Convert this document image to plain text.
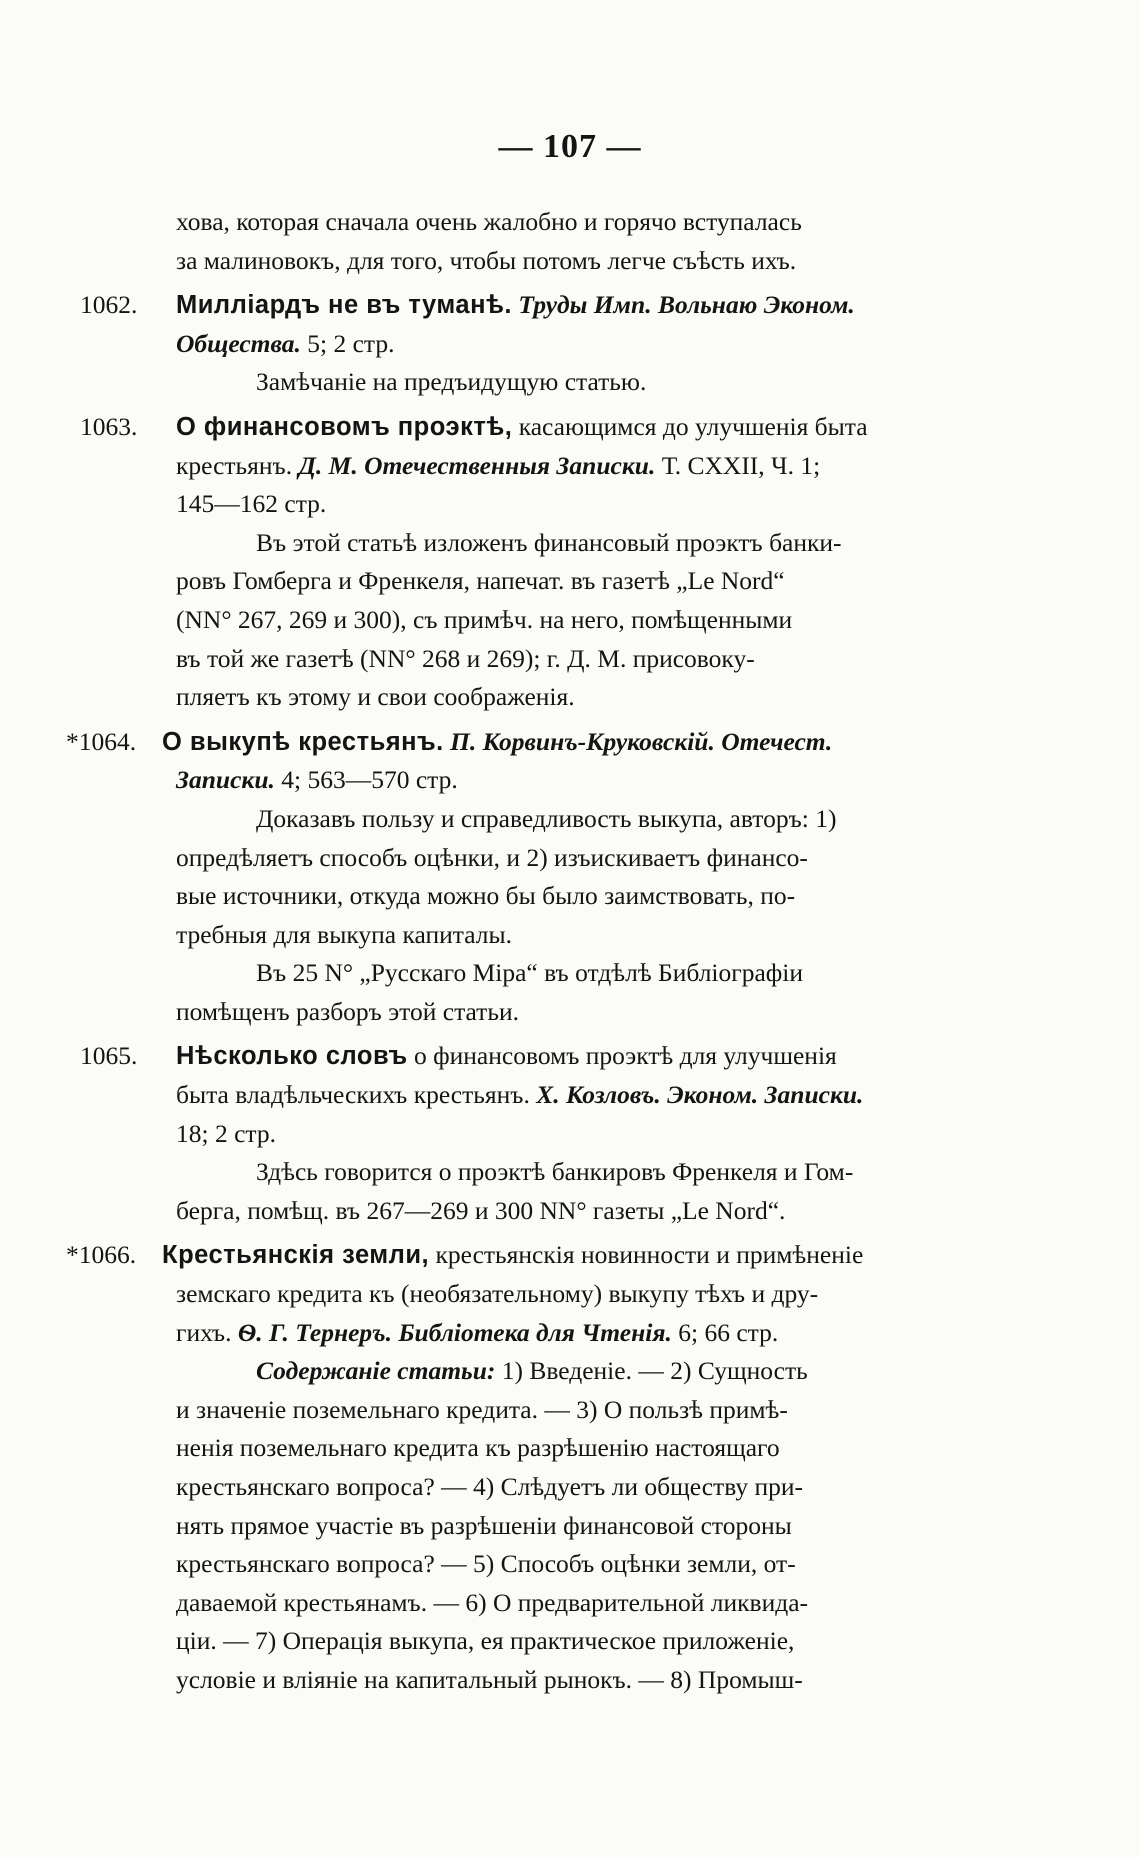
— 107 —
хова, которая сначала очень жалобно и горячо вступалась
за малиновокъ, для того, чтобы потомъ легче съѣсть ихъ.
1062. Миллiардъ не въ туманѣ. Труды Имп. Вольнаю Эконом.
Общества. 5; 2 стр.
Замѣчанiе на предъидущую статью.
1063. О финансовомъ проэктѣ, касающимся до улучшенiя быта
крестьянъ. Д. М. Отечественныя Записки. Т. CXXII, Ч. 1;
145—162 стр.
Въ этой статьѣ изложенъ финансовый проэктъ банки-
ровъ Гомберга и Френкеля, напечат. въ газетѣ „Le Nord“
(NN° 267, 269 и 300), съ примѣч. на него, помѣщенными
въ той же газетѣ (NN° 268 и 269); г. Д. М. присовоку-
пляетъ къ этому и свои соображенiя.
*1064. О выкупѣ крестьянъ. П. Корвинъ-Круковскiй. Отечест.
Записки. 4; 563—570 стр.
Доказавъ пользу и справедливость выкупа, авторъ: 1)
опредѣляетъ способъ оцѣнки, и 2) изъискиваетъ финансо-
вые источники, откуда можно бы было заимствовать, по-
требныя для выкупа капиталы.
Въ 25 N° „Русскаго Мiра“ въ отдѣлѣ Библiографiи
помѣщенъ разборъ этой статьи.
1065. Нѣсколько словъ о финансовомъ проэктѣ для улучшенiя
быта владѣльческихъ крестьянъ. Х. Козловъ. Эконом. Записки.
18; 2 стр.
Здѣсь говорится о проэктѣ банкировъ Френкеля и Гом-
берга, помѣщ. въ 267—269 и 300 NN° газеты „Le Nord“.
*1066. Крестьянскiя земли, крестьянскiя новинности и примѣненiе
земскаго кредита къ (необязательному) выкупу тѣхъ и дру-
гихъ. Ѳ. Г. Тернеръ. Библiотека для Чтенiя. 6; 66 стр.
Содержанiе статьи: 1) Введенiе. — 2) Сущность
и значенiе поземельнаго кредита. — 3) О пользѣ примѣ-
ненiя поземельнаго кредита къ разрѣшенiю настоящаго
крестьянскаго вопроса? — 4) Слѣдуетъ ли обществу при-
нять прямое участiе въ разрѣшенiи финансовой стороны
крестьянскаго вопроса? — 5) Способъ оцѣнки земли, от-
даваемой крестьянамъ. — 6) О предварительной ликвида-
цiи. — 7) Операцiя выкупа, ея практическое приложенiе,
условiе и влiянiе на капитальный рынокъ. — 8) Промыш-
